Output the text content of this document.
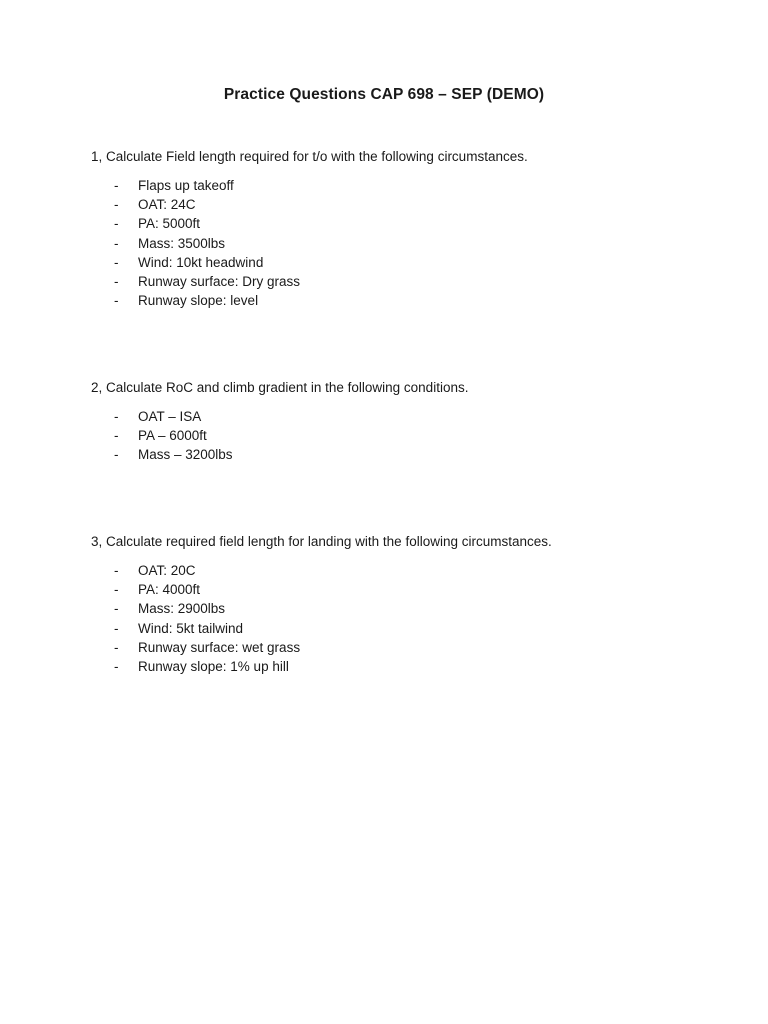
Practice Questions CAP 698 – SEP (DEMO)

1, Calculate Field length required for t/o with the following circumstances.

- Flaps up takeoff
- OAT: 24C
- PA: 5000ft
- Mass: 3500lbs
- Wind: 10kt headwind
- Runway surface: Dry grass
- Runway slope: level

2, Calculate RoC and climb gradient in the following conditions.

- OAT – ISA
- PA – 6000ft
- Mass – 3200lbs

3, Calculate required field length for landing with the following circumstances.

- OAT: 20C
- PA: 4000ft
- Mass: 2900lbs
- Wind: 5kt tailwind
- Runway surface: wet grass
- Runway slope: 1% up hill
